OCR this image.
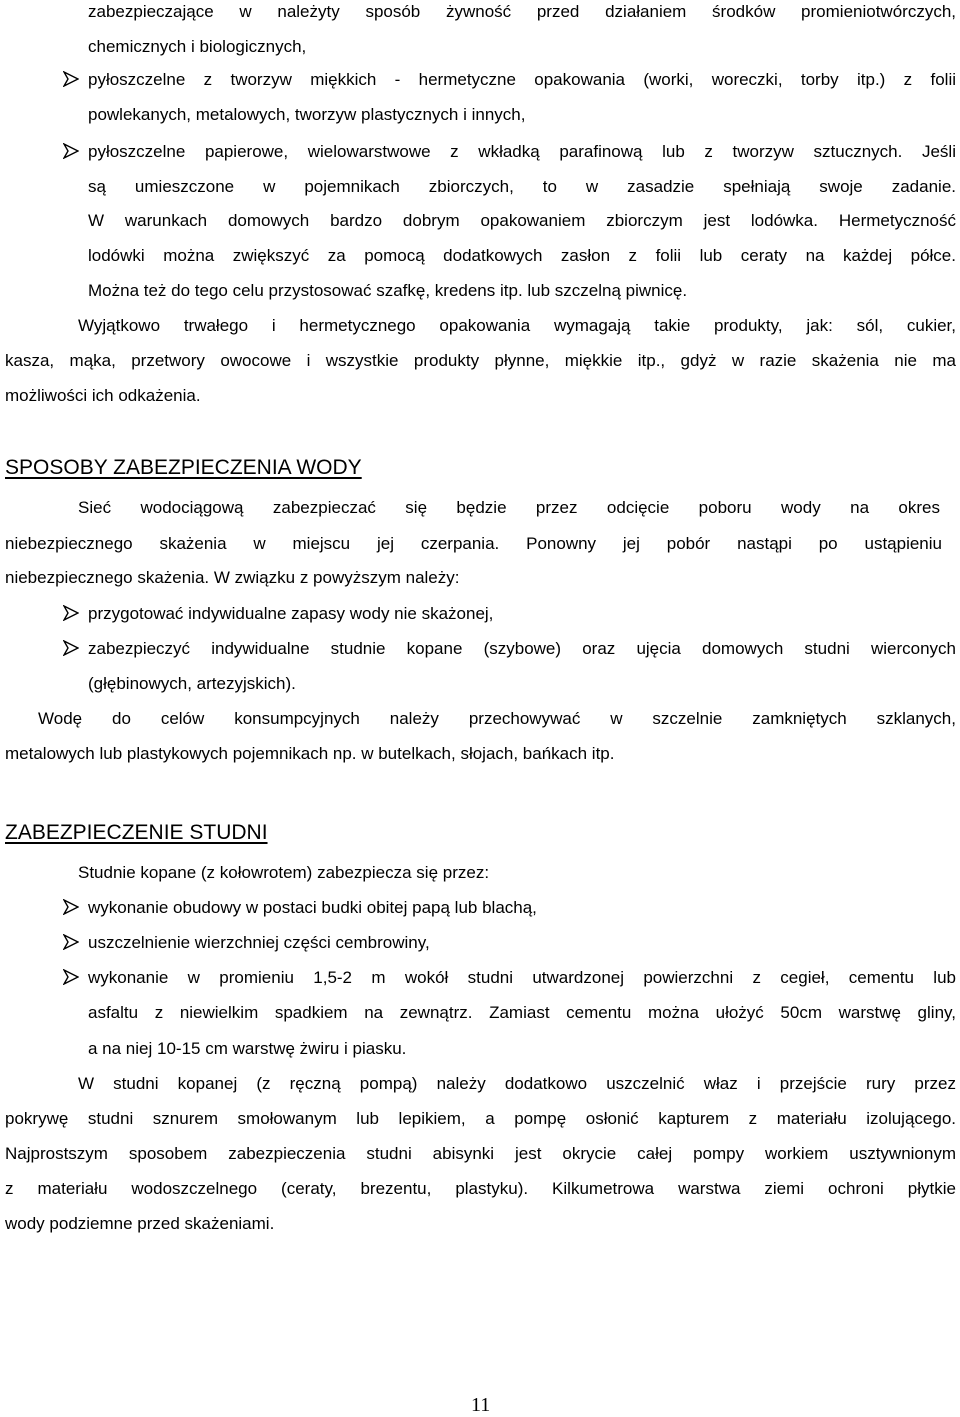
zabezpieczające w należyty sposób żywność przed działaniem środków promieniotwórczych,
chemicznych i biologicznych,
pyłoszczelne z tworzyw miękkich - hermetyczne opakowania (worki, woreczki, torby itp.) z folii
powlekanych, metalowych, tworzyw plastycznych i innych,
pyłoszczelne papierowe, wielowarstwowe z wkładką parafinową lub z tworzyw sztucznych. Jeśli
są umieszczone w pojemnikach zbiorczych, to w zasadzie spełniają swoje zadanie.
W warunkach domowych bardzo dobrym opakowaniem zbiorczym jest lodówka. Hermetyczność
lodówki można zwiększyć za pomocą dodatkowych zasłon z folii lub ceraty na każdej półce.
Można też do tego celu przystosować szafkę, kredens itp. lub szczelną piwnicę.
Wyjątkowo trwałego i hermetycznego opakowania wymagają takie produkty, jak: sól, cukier,
kasza, mąka, przetwory owocowe i wszystkie produkty płynne, miękkie itp., gdyż w razie skażenia nie ma
możliwości ich odkażenia.
SPOSOBY ZABEZPIECZENIA WODY
Sieć wodociągową zabezpieczać się będzie przez odcięcie poboru wody na okres
niebezpiecznego skażenia w miejscu jej czerpania. Ponowny jej pobór nastąpi po ustąpieniu
niebezpiecznego skażenia. W związku z powyższym należy:
przygotować indywidualne zapasy wody nie skażonej,
zabezpieczyć indywidualne studnie kopane (szybowe) oraz ujęcia domowych studni wierconych
(głębinowych, artezyjskich).
Wodę do celów konsumpcyjnych należy przechowywać w szczelnie zamkniętych szklanych,
metalowych lub plastykowych pojemnikach np. w butelkach, słojach, bańkach itp.
ZABEZPIECZENIE STUDNI
Studnie kopane (z kołowrotem) zabezpiecza się przez:
wykonanie obudowy w postaci budki obitej papą lub blachą,
uszczelnienie wierzchniej części cembrowiny,
wykonanie w promieniu 1,5-2 m wokół studni utwardzonej powierzchni z cegieł, cementu lub
asfaltu z niewielkim spadkiem na zewnątrz. Zamiast cementu można ułożyć 50cm warstwę gliny,
a na niej 10-15 cm warstwę żwiru i piasku.
W studni kopanej (z ręczną pompą) należy dodatkowo uszczelnić właz i przejście rury przez
pokrywę studni sznurem smołowanym lub lepikiem, a pompę osłonić kapturem z materiału izolującego.
Najprostszym sposobem zabezpieczenia studni abisynki jest okrycie całej pompy workiem usztywnionym
z materiału wodoszczelnego (ceraty, brezentu, plastyku). Kilkumetrowa warstwa ziemi ochroni płytkie
wody podziemne przed skażeniami.
11
